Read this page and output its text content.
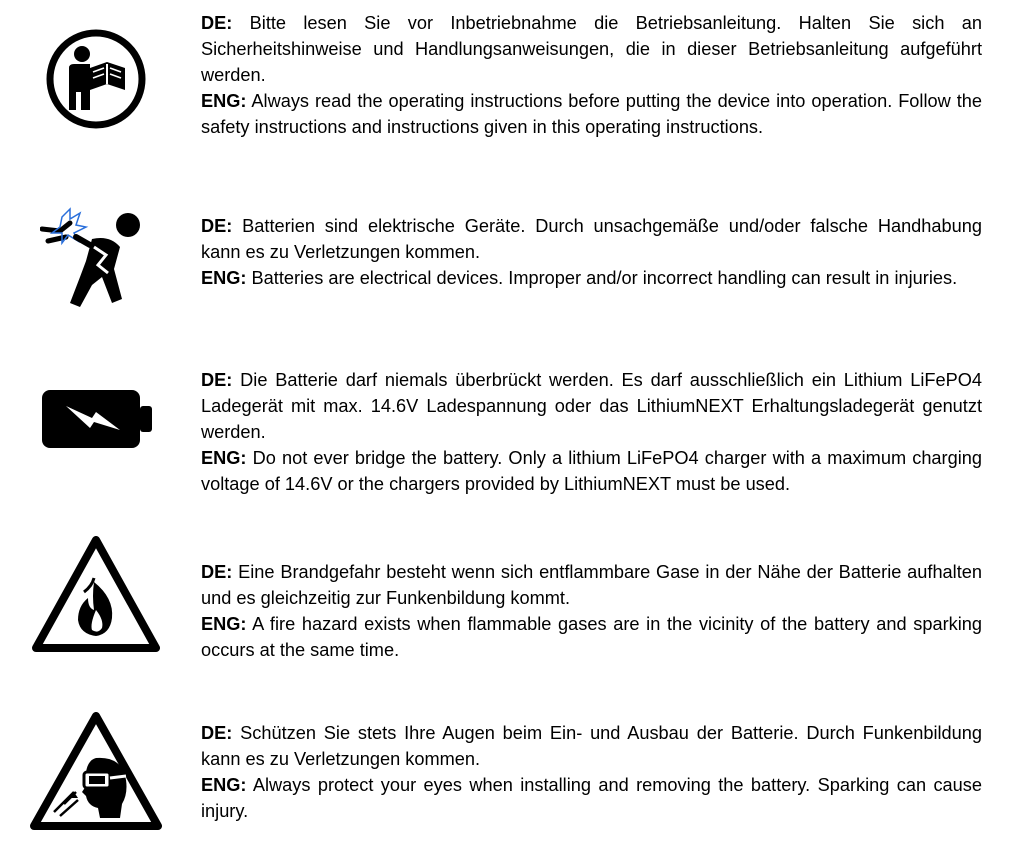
DE: Bitte lesen Sie vor Inbetriebnahme die Betriebsanleitung. Halten Sie sich an Sicherheitshinweise und Handlungsanweisungen, die in dieser Betriebsanleitung aufgeführt werden.

ENG: Always read the operating instructions before putting the device into operation. Follow the safety instructions and instructions given in this operating instructions.

DE: Batterien sind elektrische Geräte. Durch unsachgemäße und/oder falsche Handhabung kann es zu Verletzungen kommen.

ENG: Batteries are electrical devices. Improper and/or incorrect handling can result in injuries.

DE: Die Batterie darf niemals überbrückt werden. Es darf ausschließlich ein Lithium LiFePO4 Ladegerät mit max. 14.6V Ladespannung oder das LithiumNEXT Erhaltungsladegerät genutzt werden.

ENG: Do not ever bridge the battery. Only a lithium LiFePO4 charger with a maximum charging voltage of 14.6V or the chargers provided by LithiumNEXT must be used.

DE: Eine Brandgefahr besteht wenn sich entflammbare Gase in der Nähe der Batterie aufhalten und es gleichzeitig zur Funkenbildung kommt.

ENG: A fire hazard exists when flammable gases are in the vicinity of the battery and sparking occurs at the same time.

DE: Schützen Sie stets Ihre Augen beim Ein- und Ausbau der Batterie. Durch Funkenbildung kann es zu Verletzungen kommen.

ENG: Always protect your eyes when installing and removing the battery. Sparking can cause injury.
